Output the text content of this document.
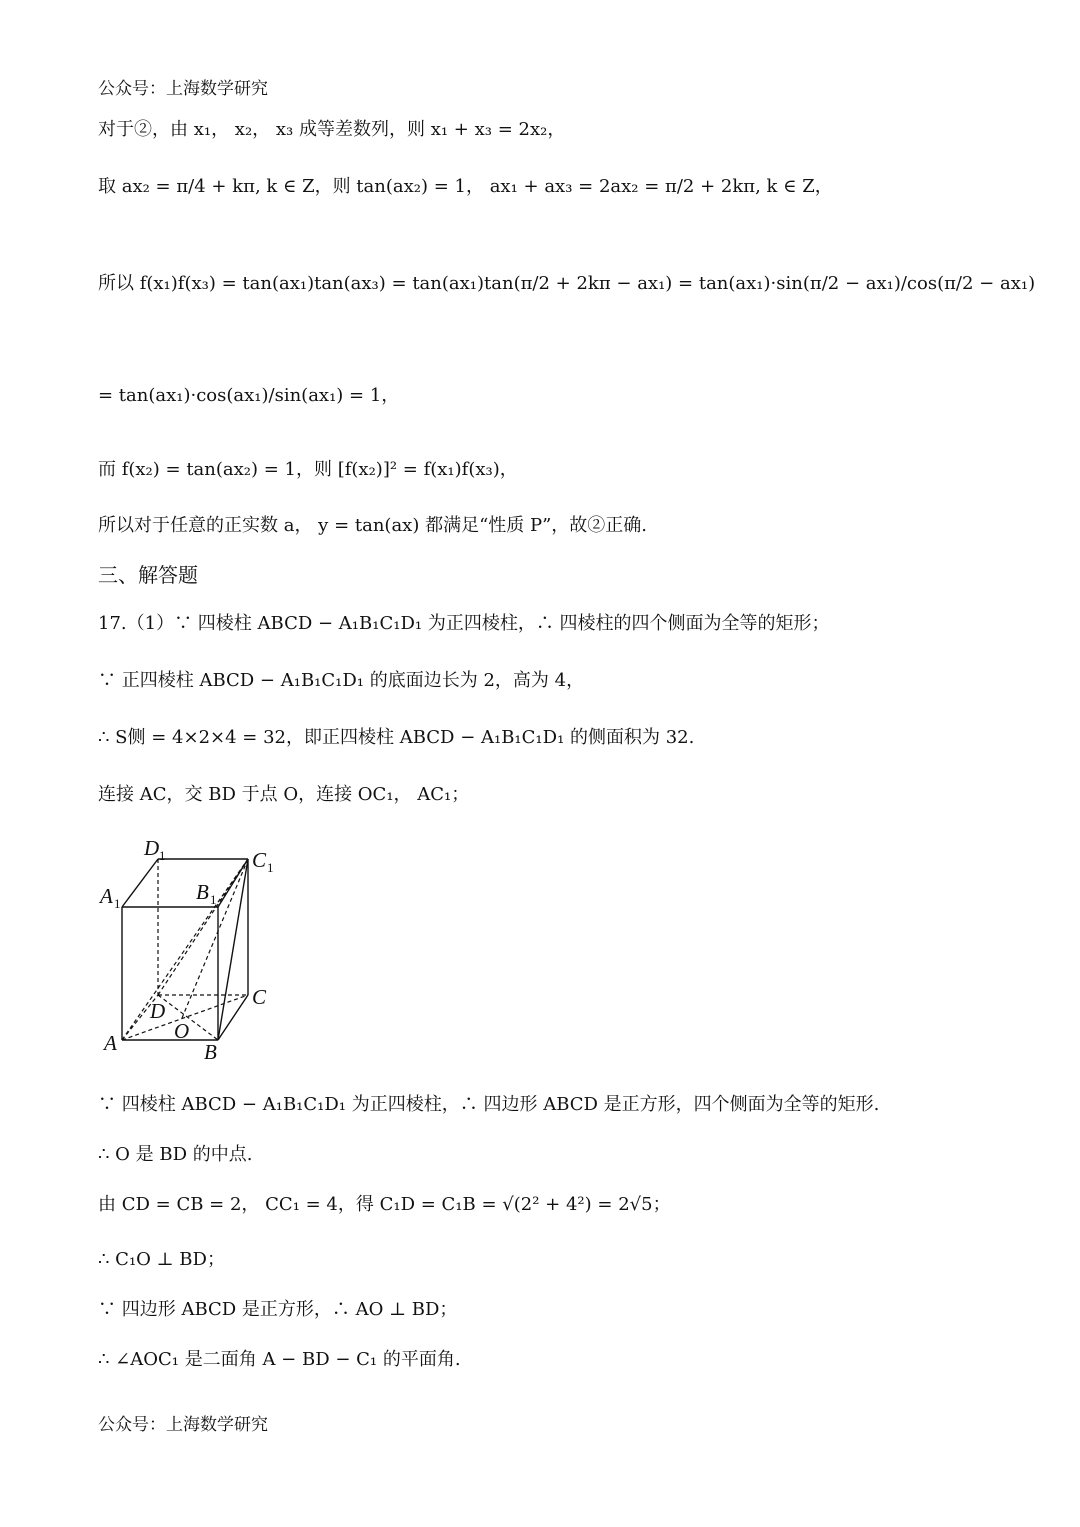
公众号：上海数学研究
对于②，由 x₁， x₂， x₃ 成等差数列，则 x₁ + x₃ = 2x₂，
取 ax₂ = π/4 + kπ, k ∈ Z，则 tan(ax₂) = 1， ax₁ + ax₃ = 2ax₂ = π/2 + 2kπ, k ∈ Z，
所以 f(x₁)f(x₃) = tan(ax₁)tan(ax₃) = tan(ax₁)tan(π/2 + 2kπ − ax₁) = tan(ax₁)·sin(π/2 − ax₁)/cos(π/2 − ax₁)
= tan(ax₁)·cos(ax₁)/sin(ax₁) = 1，
而 f(x₂) = tan(ax₂) = 1，则 [f(x₂)]² = f(x₁)f(x₃)，
所以对于任意的正实数 a， y = tan(ax) 都满足“性质 P”，故②正确.
三、解答题
17.（1）∵ 四棱柱 ABCD − A₁B₁C₁D₁ 为正四棱柱，∴ 四棱柱的四个侧面为全等的矩形；
∵ 正四棱柱 ABCD − A₁B₁C₁D₁ 的底面边长为 2，高为 4，
∴ S侧 = 4×2×4 = 32，即正四棱柱 ABCD − A₁B₁C₁D₁ 的侧面积为 32.
连接 AC，交 BD 于点 O，连接 OC₁， AC₁；
D 1	C 1
A 1	B 1
D
C
A	O
B
∵ 四棱柱 ABCD − A₁B₁C₁D₁ 为正四棱柱，∴ 四边形 ABCD 是正方形，四个侧面为全等的矩形.
∴ O 是 BD 的中点.
由 CD = CB = 2， CC₁ = 4，得 C₁D = C₁B = √(2² + 4²) = 2√5；
∴ C₁O ⊥ BD；
∵ 四边形 ABCD 是正方形，∴ AO ⊥ BD；
∴ ∠AOC₁ 是二面角 A − BD − C₁ 的平面角.
公众号：上海数学研究
